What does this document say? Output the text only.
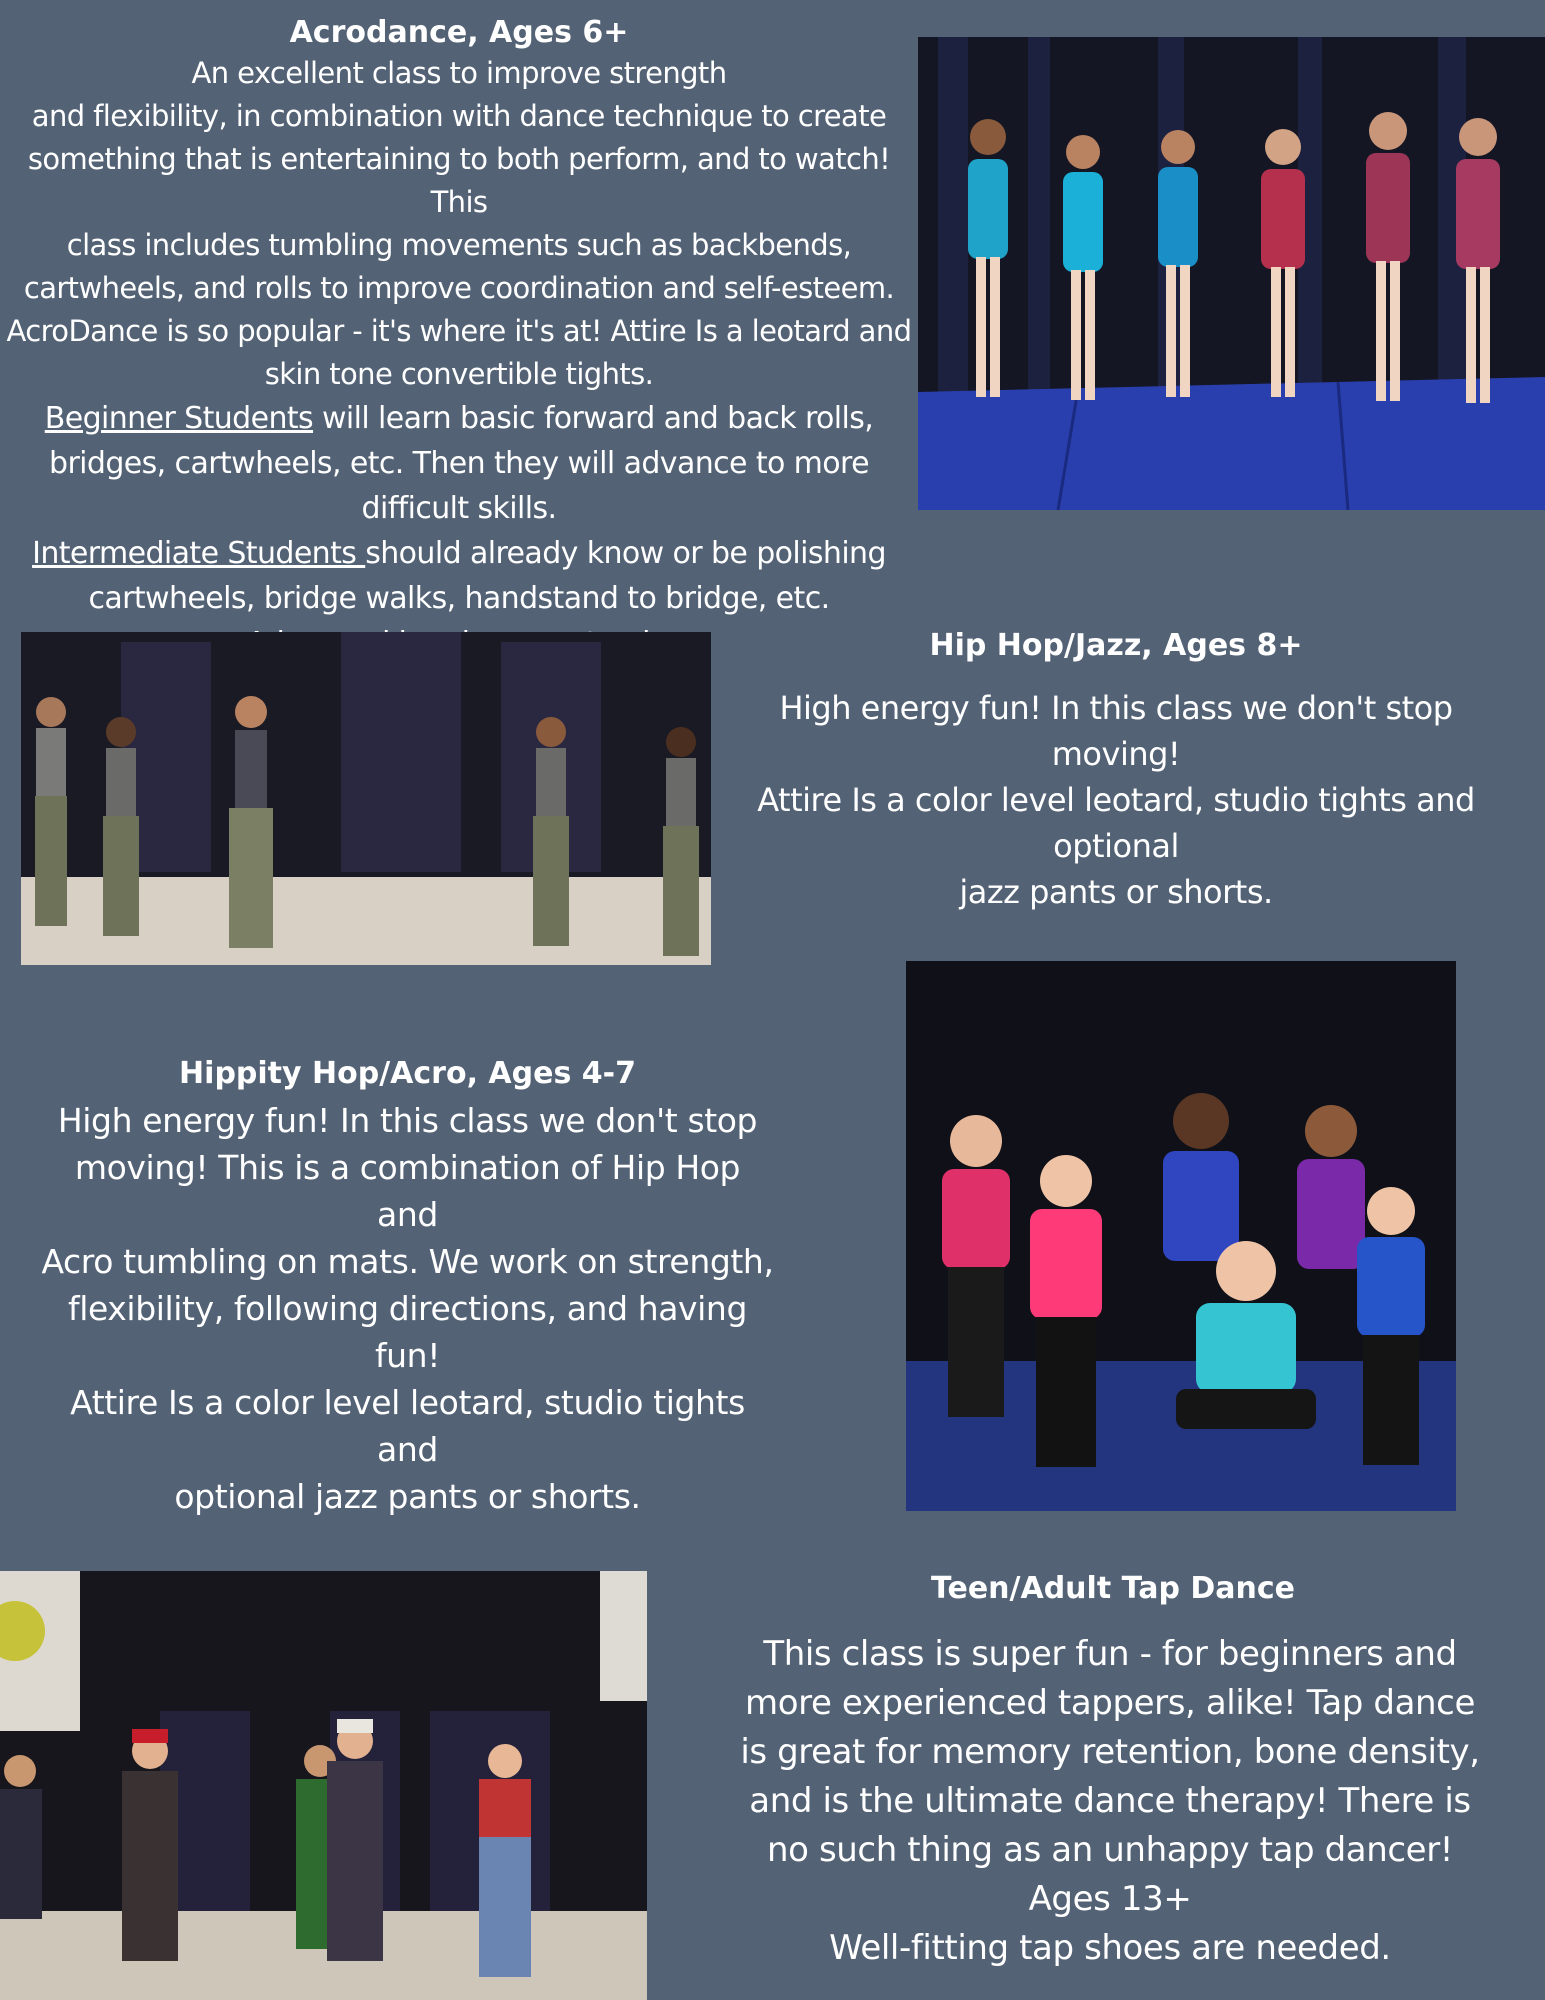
Acrodance, Ages 6+
An excellent class to improve strength
and flexibility, in combination with dance technique to create
something that is entertaining to both perform, and to watch! This
class includes tumbling movements such as backbends,
cartwheels, and rolls to improve coordination and self-esteem.
AcroDance is so popular - it's where it's at! Attire Is a leotard and
skin tone convertible tights.
Beginner Students will learn basic forward and back rolls,
bridges, cartwheels, etc. Then they will advance to more
difficult skills.
Intermediate Students should already know or be polishing
cartwheels, bridge walks, handstand to bridge, etc.
Hip Hop/Jazz, Ages 8+
High energy fun! In this class we don't stop moving!
Attire Is a color level leotard, studio tights and optional
jazz pants or shorts.
Hippity Hop/Acro, Ages 4-7
High energy fun! In this class we don't stop
moving! This is a combination of Hip Hop and
Acro tumbling on mats. We work on strength,
flexibility, following directions, and having fun!
Attire Is a color level leotard, studio tights and
optional jazz pants or shorts.
Teen/Adult Tap Dance
This class is super fun - for beginners and
more experienced tappers, alike! Tap dance
is great for memory retention, bone density,
and is the ultimate dance therapy! There is
no such thing as an unhappy tap dancer!
Ages 13+
Well-fitting tap shoes are needed.
